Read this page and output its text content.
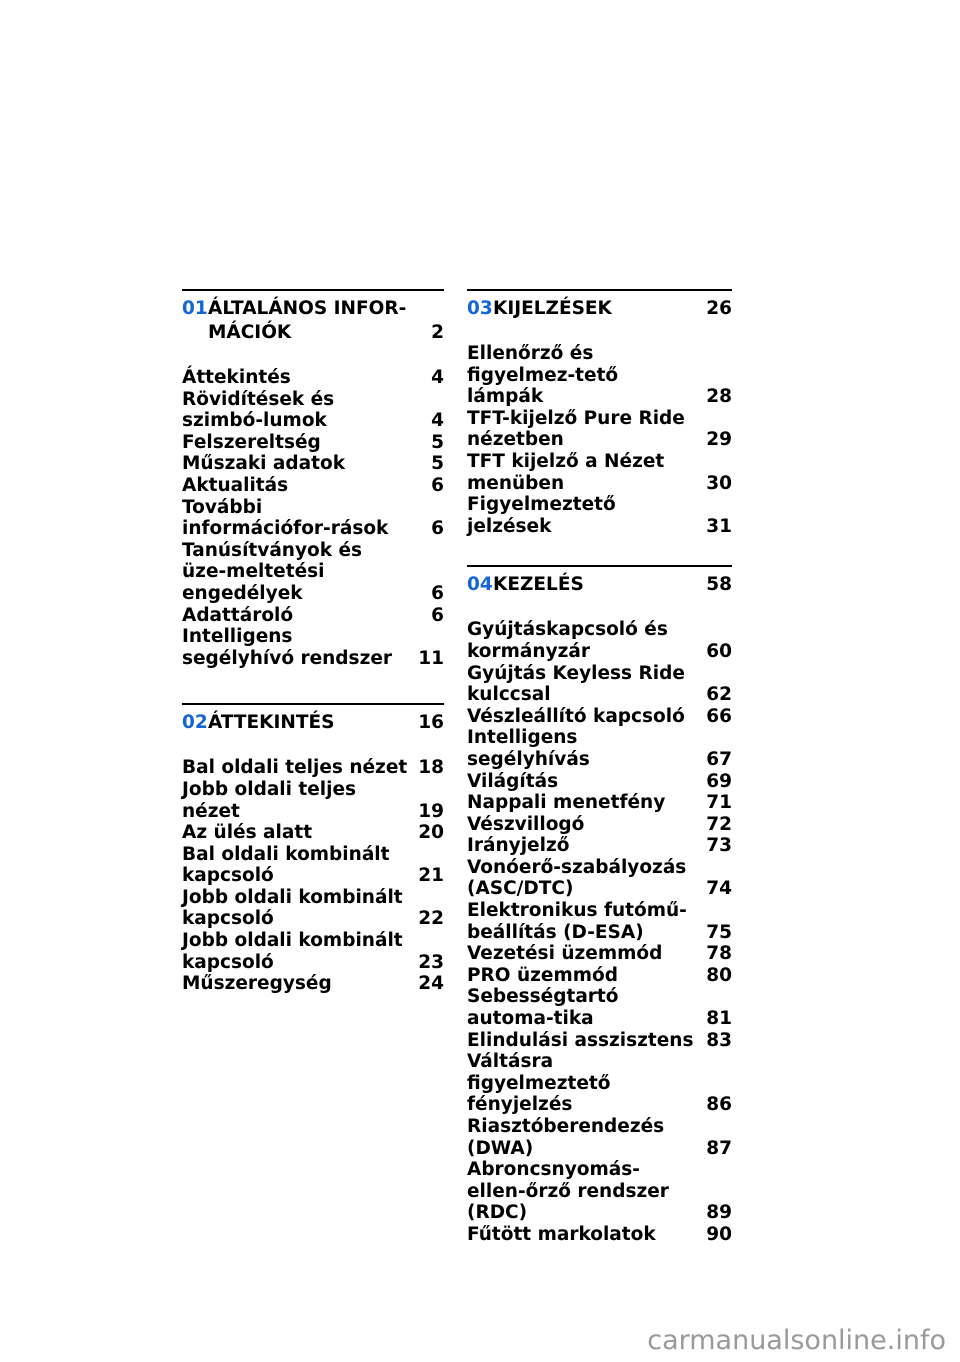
01 ÁLTALÁNOS INFOR-MÁCIÓK	2
Áttekintés	4
Rövidítések és szimbó-lumok	4
Felszereltség	5
Műszaki adatok	5
Aktualitás	6
További információfor-rások	6
Tanúsítványok és üze-meltetési engedélyek	6
Adattároló	6
Intelligens segélyhívó rendszer	11
02 ÁTTEKINTÉS	16
Bal oldali teljes nézet 18
Jobb oldali teljes nézet	19
Az ülés alatt	20
Bal oldali kombinált kapcsoló	21
Jobb oldali kombinált kapcsoló	22
Jobb oldali kombinált kapcsoló	23
Műszeregység	24
03 KIJELZÉSEK	26
Ellenőrző és figyelmez-tető lámpák	28
TFT-kijelző Pure Ride nézetben	29
TFT kijelző a Nézet menüben	30
Figyelmeztető jelzések	31
04 KEZELÉS	58
Gyújtáskapcsoló és kormányzár	60
Gyújtás Keyless Ride kulccsal	62
Vészleállító kapcsoló	66
Intelligens segélyhívás	67
Világítás	69
Nappali menetfény	71
Vészvillogó	72
Irányjelző	73
Vonóerő-szabályozás (ASC/DTC)	74
Elektronikus futómű-beállítás (D-ESA)	75
Vezetési üzemmód	78
PRO üzemmód	80
Sebességtartó automa-tika	81
Elindulási asszisztens 83
Váltásra figyelmeztető fényjelzés	86
Riasztóberendezés (DWA)	87
Abroncsnyomás-ellen-őrző rendszer (RDC)	89
Fűtött markolatok	90
carmanualsonline.info
